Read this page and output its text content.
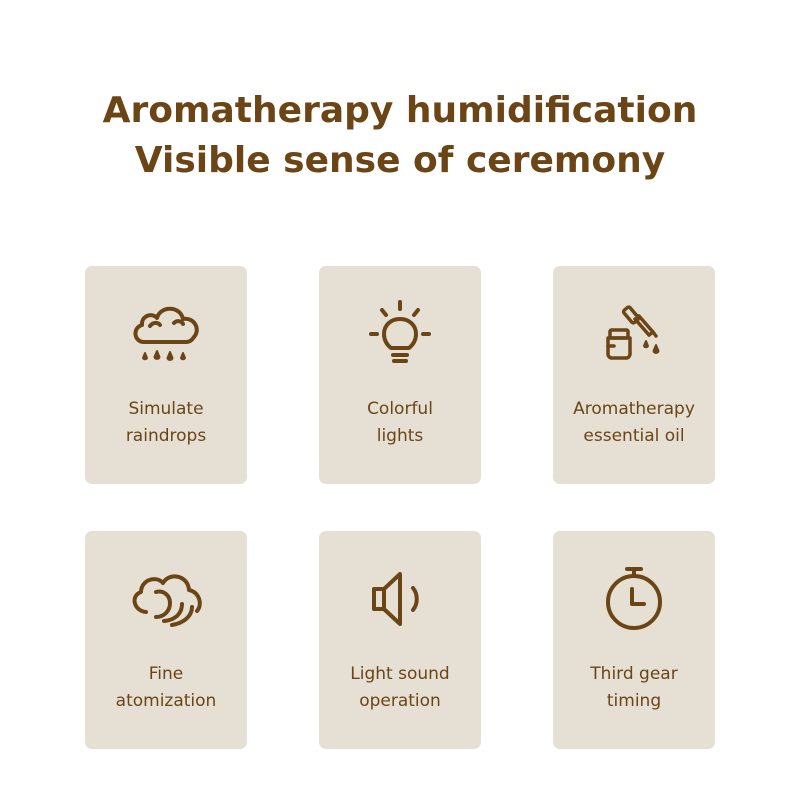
Aromatherapy humidification
Visible sense of ceremony
Simulate
raindrops
Colorful
lights
Aromatherapy
essential oil
Fine
atomization
Light sound
operation
Third gear
timing
